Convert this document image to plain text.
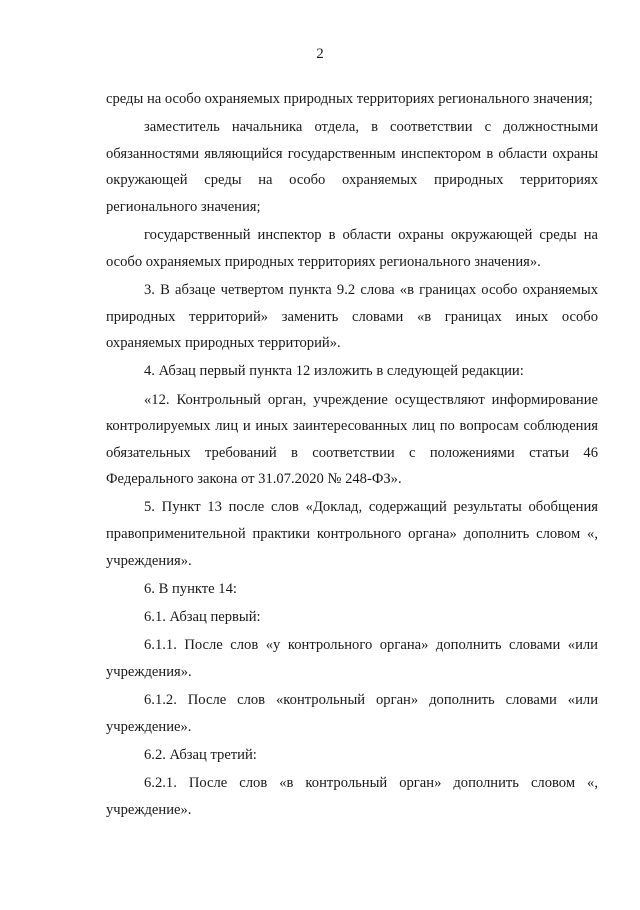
2

среды на особо охраняемых природных территориях регионального значения;

заместитель начальника отдела, в соответствии с должностными обязанностями являющийся государственным инспектором в области охраны окружающей среды на особо охраняемых природных территориях регионального значения;

государственный инспектор в области охраны окружающей среды на особо охраняемых природных территориях регионального значения».

3. В абзаце четвертом пункта 9.2 слова «в границах особо охраняемых природных территорий» заменить словами «в границах иных особо охраняемых природных территорий».

4. Абзац первый пункта 12 изложить в следующей редакции:

«12. Контрольный орган, учреждение осуществляют информирование контролируемых лиц и иных заинтересованных лиц по вопросам соблюдения обязательных требований в соответствии с положениями статьи 46 Федерального закона от 31.07.2020 № 248-ФЗ».

5. Пункт 13 после слов «Доклад, содержащий результаты обобщения правоприменительной практики контрольного органа» дополнить словом «, учреждения».

6. В пункте 14:

6.1. Абзац первый:

6.1.1. После слов «у контрольного органа» дополнить словами «или учреждения».

6.1.2. После слов «контрольный орган» дополнить словами «или учреждение».

6.2. Абзац третий:

6.2.1. После слов «в контрольный орган» дополнить словом «, учреждение».
